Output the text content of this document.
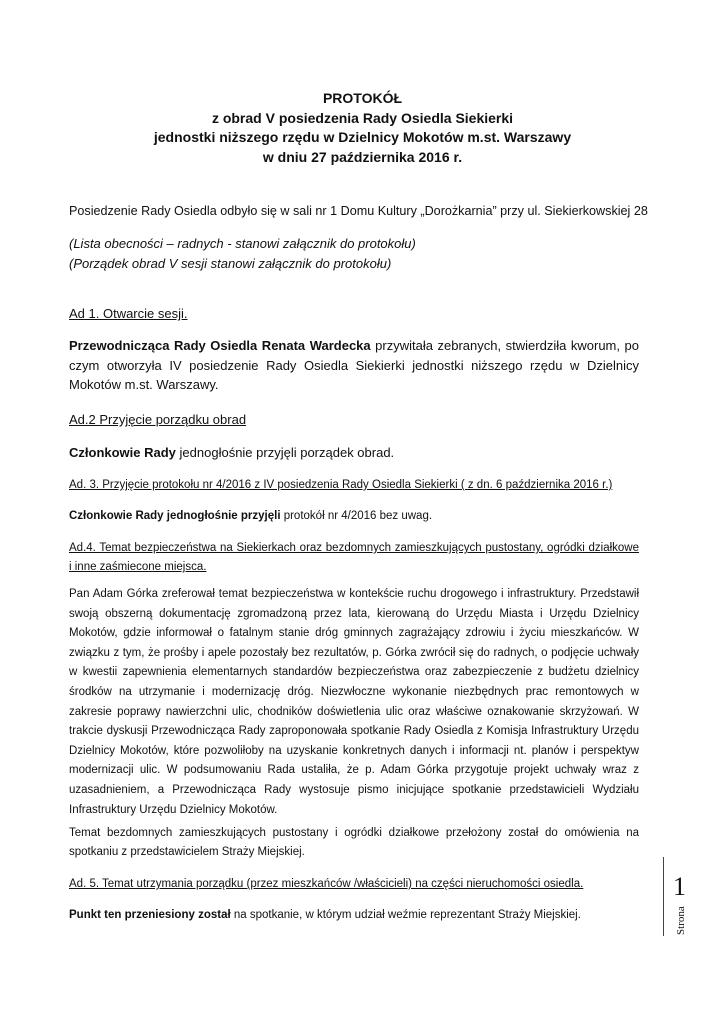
PROTOKÓŁ
z obrad V posiedzenia Rady Osiedla Siekierki
jednostki niższego rzędu w Dzielnicy Mokotów m.st. Warszawy
w dniu 27 października 2016 r.

Posiedzenie Rady Osiedla odbyło się w sali nr 1 Domu Kultury „Dorożkarnia” przy ul. Siekierkowskiej 28

(Lista obecności – radnych - stanowi załącznik do protokołu)
(Porządek obrad V sesji stanowi załącznik do protokołu)

Ad 1. Otwarcie sesji.

Przewodnicząca Rady Osiedla Renata Wardecka przywitała zebranych, stwierdziła kworum, po czym otworzyła IV posiedzenie Rady Osiedla Siekierki jednostki niższego rzędu w Dzielnicy Mokotów m.st. Warszawy.

Ad.2 Przyjęcie porządku obrad

Członkowie Rady jednogłośnie przyjęli porządek obrad.

Ad. 3. Przyjęcie protokołu nr 4/2016 z IV posiedzenia Rady Osiedla Siekierki ( z dn. 6 października 2016 r.)

Członkowie Rady jednogłośnie przyjęli protokół nr 4/2016 bez uwag.

Ad.4. Temat bezpieczeństwa na Siekierkach oraz bezdomnych zamieszkujących pustostany, ogródki działkowe i inne zaśmiecone miejsca.

Pan Adam Górka zreferował temat bezpieczeństwa w kontekście ruchu drogowego i infrastruktury. Przedstawił swoją obszerną dokumentację zgromadzoną przez lata, kierowaną do Urzędu Miasta i Urzędu Dzielnicy Mokotów, gdzie informował o fatalnym stanie dróg gminnych zagrażający zdrowiu i życiu mieszkańców. W związku z tym, że prośby i apele pozostały bez rezultatów, p. Górka zwrócił się do radnych, o podjęcie uchwały w kwestii zapewnienia elementarnych standardów bezpieczeństwa oraz zabezpieczenie z budżetu dzielnicy środków na utrzymanie i modernizację dróg. Niezwłoczne wykonanie niezbędnych prac remontowych w zakresie poprawy nawierzchni ulic, chodników doświetlenia ulic oraz właściwe oznakowanie skrzyżowań. W trakcie dyskusji Przewodnicząca Rady zaproponowała spotkanie Rady Osiedla z Komisja Infrastruktury Urzędu Dzielnicy Mokotów, które pozwoliłoby na uzyskanie konkretnych danych i informacji nt. planów i perspektyw modernizacji ulic. W podsumowaniu Rada ustaliła, że p. Adam Górka przygotuje projekt uchwały wraz z uzasadnieniem, a Przewodnicząca Rady wystosuje pismo inicjujące spotkanie przedstawicieli Wydziału Infrastruktury Urzędu Dzielnicy Mokotów.

Temat bezdomnych zamieszkujących pustostany i ogródki działkowe przełożony został do omówienia na spotkaniu z przedstawicielem Straży Miejskiej.

Ad. 5. Temat utrzymania porządku (przez mieszkańców /właścicieli) na części nieruchomości osiedla.

Punkt ten przeniesiony został na spotkanie, w którym udział weźmie reprezentant Straży Miejskiej.

1
Strona
